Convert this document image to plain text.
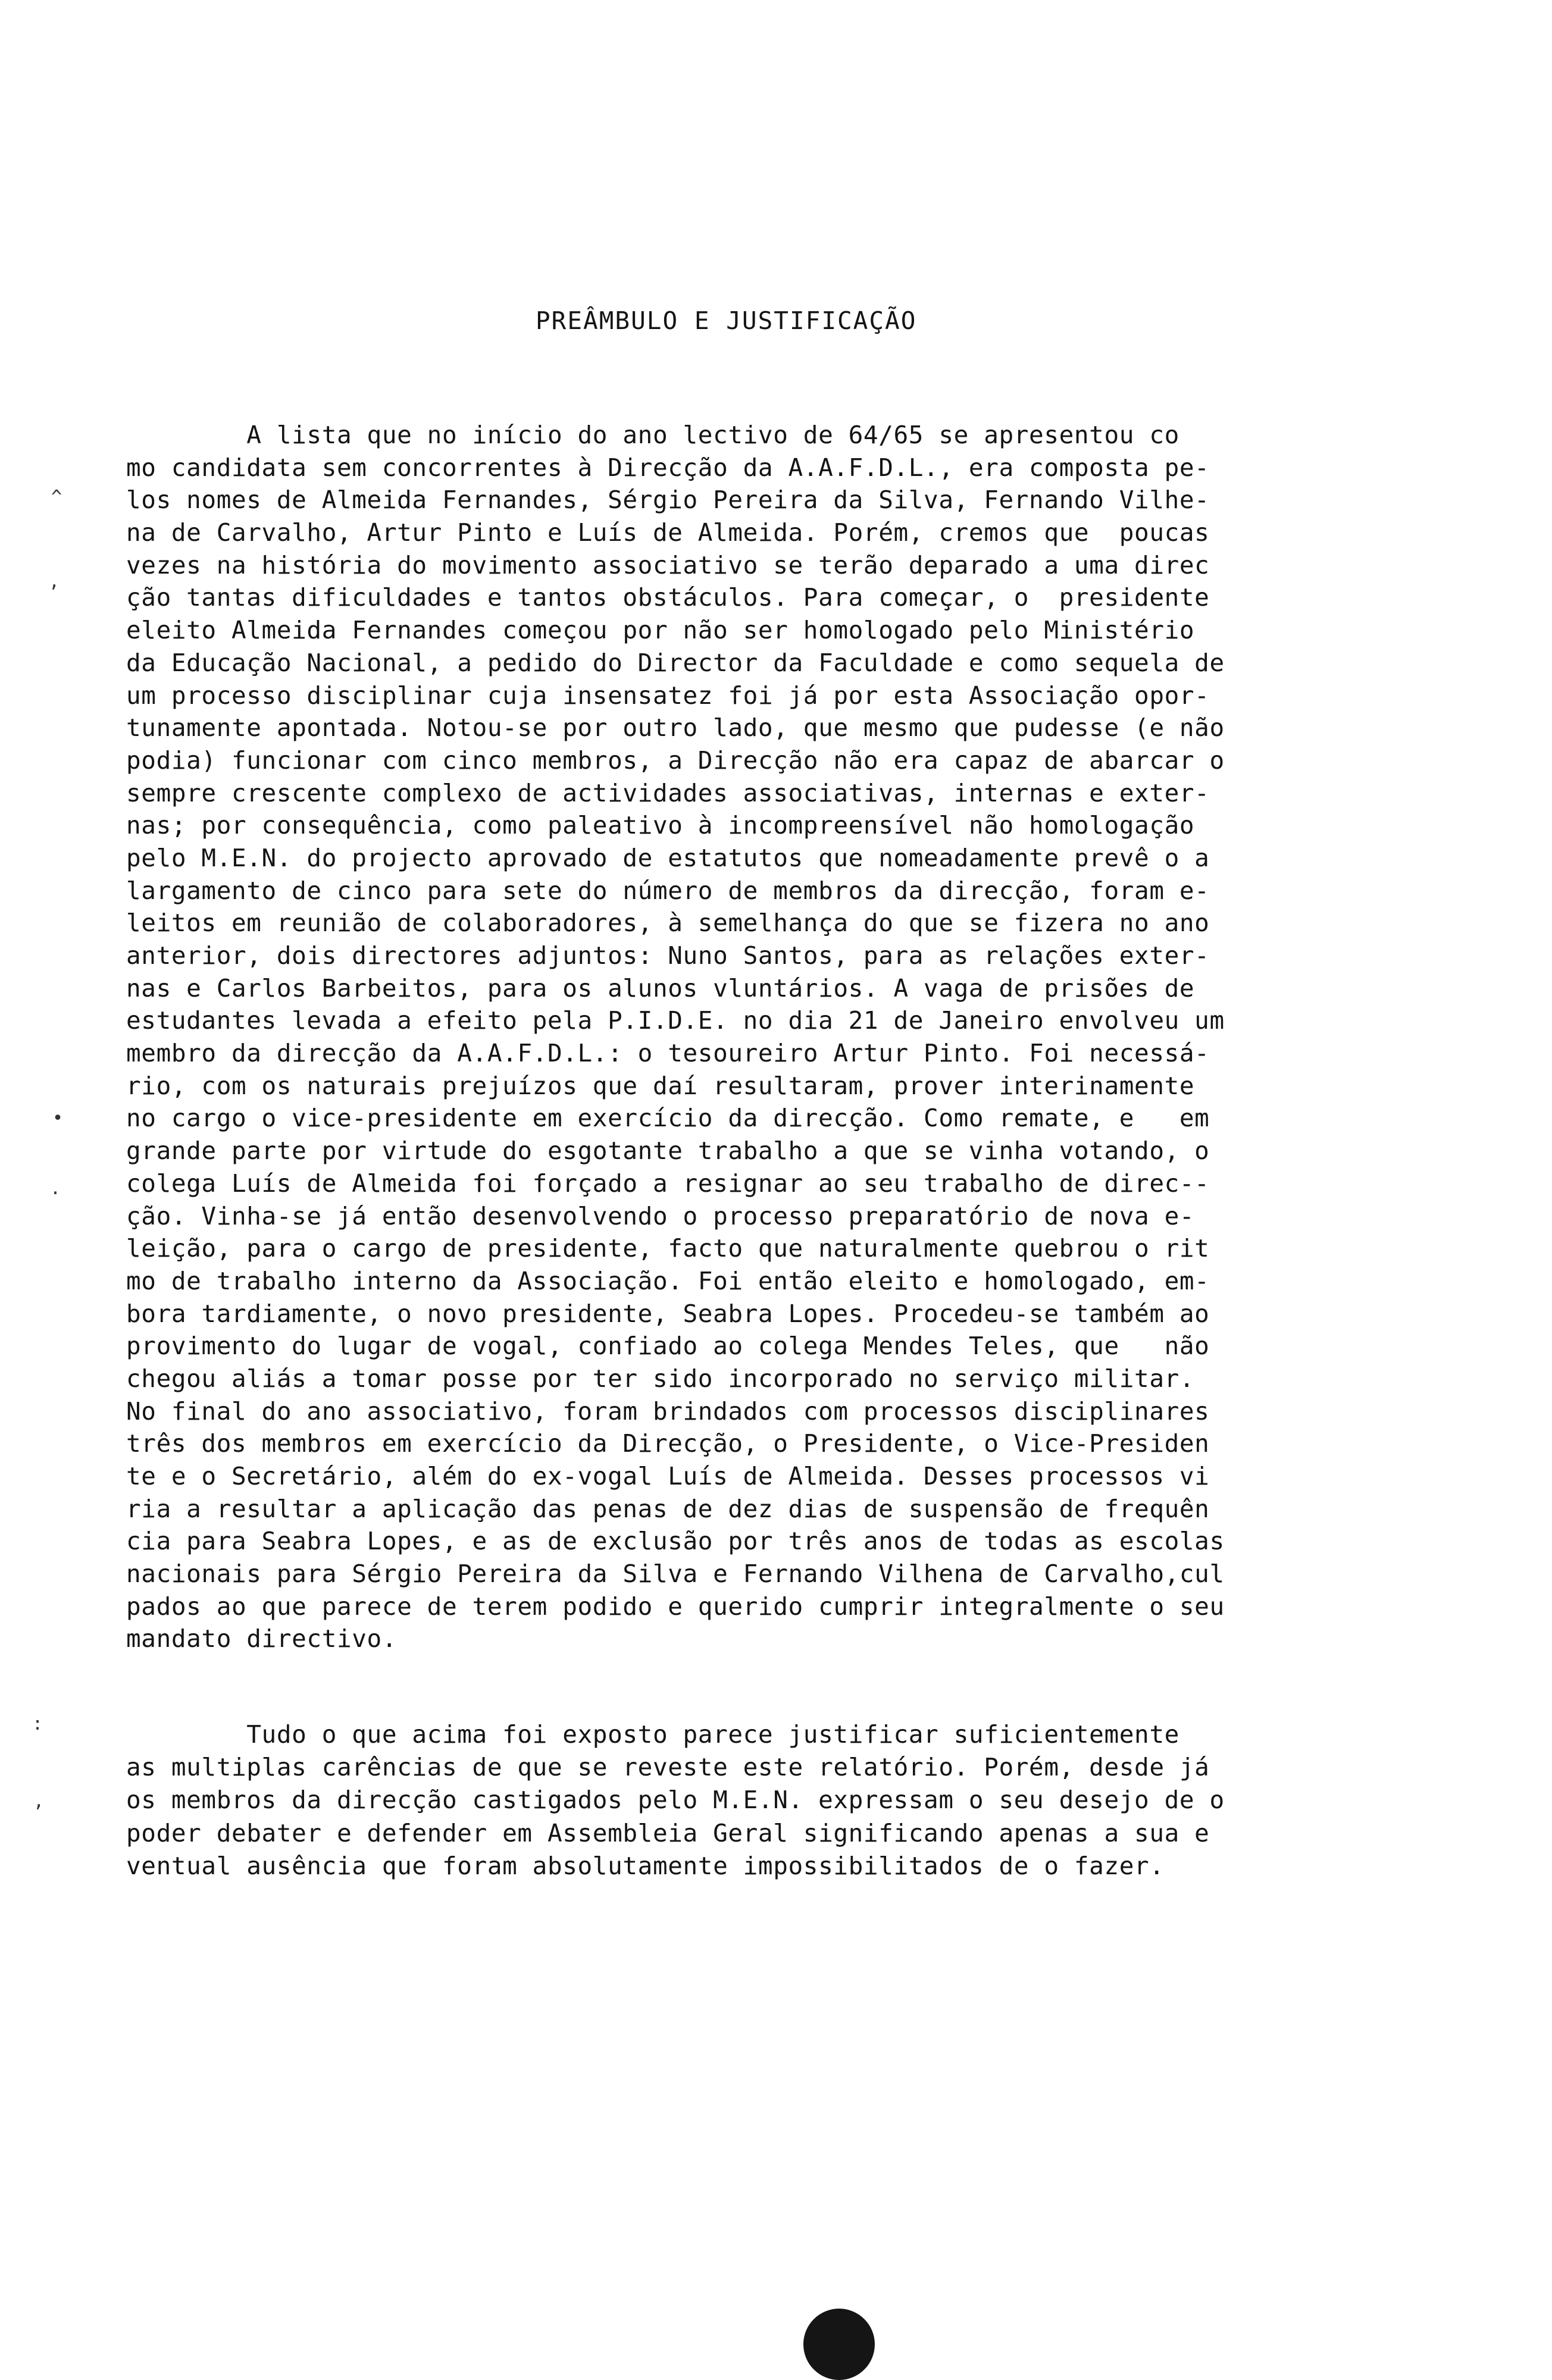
PREÂMBULO E JUSTIFICAÇÃO
A lista que no início do ano lectivo de 64/65 se apresentou co
mo candidata sem concorrentes à Direcção da A.A.F.D.L., era composta pe-
los nomes de Almeida Fernandes, Sérgio Pereira da Silva, Fernando Vilhe-
na de Carvalho, Artur Pinto e Luís de Almeida. Porém, cremos que  poucas
vezes na história do movimento associativo se terão deparado a uma direc
ção tantas dificuldades e tantos obstáculos. Para começar, o  presidente
eleito Almeida Fernandes começou por não ser homologado pelo Ministério
da Educação Nacional, a pedido do Director da Faculdade e como sequela de
um processo disciplinar cuja insensatez foi já por esta Associação opor-
tunamente apontada. Notou-se por outro lado, que mesmo que pudesse (e não
podia) funcionar com cinco membros, a Direcção não era capaz de abarcar o
sempre crescente complexo de actividades associativas, internas e exter-
nas; por consequência, como paleativo à incompreensível não homologação
pelo M.E.N. do projecto aprovado de estatutos que nomeadamente prevê o a
largamento de cinco para sete do número de membros da direcção, foram e-
leitos em reunião de colaboradores, à semelhança do que se fizera no ano
anterior, dois directores adjuntos: Nuno Santos, para as relações exter-
nas e Carlos Barbeitos, para os alunos vluntários. A vaga de prisões de
estudantes levada a efeito pela P.I.D.E. no dia 21 de Janeiro envolveu um
membro da direcção da A.A.F.D.L.: o tesoureiro Artur Pinto. Foi necessá-
rio, com os naturais prejuízos que daí resultaram, prover interinamente
no cargo o vice-presidente em exercício da direcção. Como remate, e   em
grande parte por virtude do esgotante trabalho a que se vinha votando, o
colega Luís de Almeida foi forçado a resignar ao seu trabalho de direc--
ção. Vinha-se já então desenvolvendo o processo preparatório de nova e-
leição, para o cargo de presidente, facto que naturalmente quebrou o rit
mo de trabalho interno da Associação. Foi então eleito e homologado, em-
bora tardiamente, o novo presidente, Seabra Lopes. Procedeu-se também ao
provimento do lugar de vogal, confiado ao colega Mendes Teles, que   não
chegou aliás a tomar posse por ter sido incorporado no serviço militar.
No final do ano associativo, foram brindados com processos disciplinares
três dos membros em exercício da Direcção, o Presidente, o Vice-Presiden
te e o Secretário, além do ex-vogal Luís de Almeida. Desses processos vi
ria a resultar a aplicação das penas de dez dias de suspensão de frequên
cia para Seabra Lopes, e as de exclusão por três anos de todas as escolas
nacionais para Sérgio Pereira da Silva e Fernando Vilhena de Carvalho,cul
pados ao que parece de terem podido e querido cumprir integralmente o seu
mandato directivo.
Tudo o que acima foi exposto parece justificar suficientemente
as multiplas carências de que se reveste este relatório. Porém, desde já
os membros da direcção castigados pelo M.E.N. expressam o seu desejo de o
poder debater e defender em Assembleia Geral significando apenas a sua e
ventual ausência que foram absolutamente impossibilitados de o fazer.
^
,
•
.
:
,
